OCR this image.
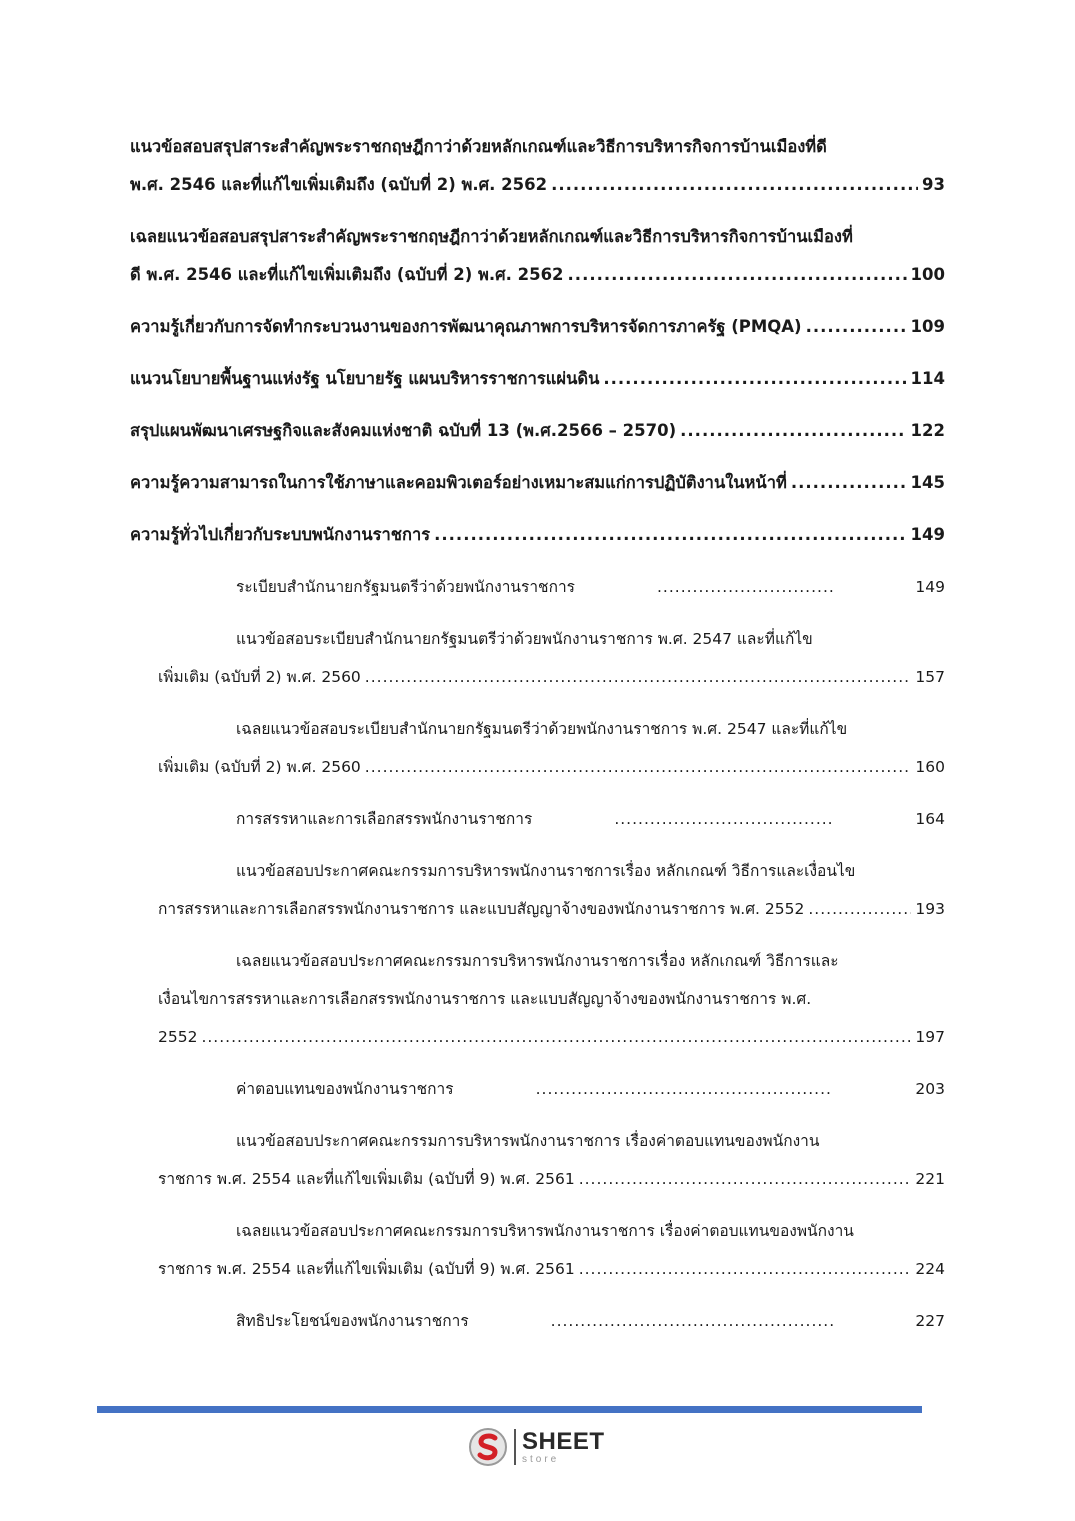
แนวข้อสอบสรุปสาระสำคัญพระราชกฤษฎีกาว่าด้วยหลักเกณฑ์และวิธีการบริหารกิจการบ้านเมืองที่ดี
พ.ศ. 2546 และที่แก้ไขเพิ่มเติมถึง (ฉบับที่ 2) พ.ศ. 2562 .....	93
เฉลยแนวข้อสอบสรุปสาระสำคัญพระราชกฤษฎีกาว่าด้วยหลักเกณฑ์และวิธีการบริหารกิจการบ้านเมืองที่
ดี พ.ศ. 2546 และที่แก้ไขเพิ่มเติมถึง (ฉบับที่ 2) พ.ศ. 2562 .....	100
ความรู้เกี่ยวกับการจัดทำกระบวนงานของการพัฒนาคุณภาพการบริหารจัดการภาครัฐ (PMQA) .....	109
แนวนโยบายพื้นฐานแห่งรัฐ นโยบายรัฐ แผนบริหารราชการแผ่นดิน .....	114
สรุปแผนพัฒนาเศรษฐกิจและสังคมแห่งชาติ ฉบับที่ 13 (พ.ศ.2566 – 2570) .....	122
ความรู้ความสามารถในการใช้ภาษาและคอมพิวเตอร์อย่างเหมาะสมแก่การปฏิบัติงานในหน้าที่ .....	145
ความรู้ทั่วไปเกี่ยวกับระบบพนักงานราชการ .....	149
ระเบียบสำนักนายกรัฐมนตรีว่าด้วยพนักงานราชการ .....	149
แนวข้อสอบระเบียบสำนักนายกรัฐมนตรีว่าด้วยพนักงานราชการ พ.ศ. 2547 และที่แก้ไข
เพิ่มเติม (ฉบับที่ 2) พ.ศ. 2560 .....	157
เฉลยแนวข้อสอบระเบียบสำนักนายกรัฐมนตรีว่าด้วยพนักงานราชการ พ.ศ. 2547 และที่แก้ไข
เพิ่มเติม (ฉบับที่ 2) พ.ศ. 2560 .....	160
การสรรหาและการเลือกสรรพนักงานราชการ .....	164
แนวข้อสอบประกาศคณะกรรมการบริหารพนักงานราชการเรื่อง หลักเกณฑ์ วิธีการและเงื่อนไข
การสรรหาและการเลือกสรรพนักงานราชการ และแบบสัญญาจ้างของพนักงานราชการ พ.ศ. 2552 .....	193
เฉลยแนวข้อสอบประกาศคณะกรรมการบริหารพนักงานราชการเรื่อง หลักเกณฑ์ วิธีการและ
เงื่อนไขการสรรหาและการเลือกสรรพนักงานราชการ และแบบสัญญาจ้างของพนักงานราชการ พ.ศ.
2552 .....	197
ค่าตอบแทนของพนักงานราชการ .....	203
แนวข้อสอบประกาศคณะกรรมการบริหารพนักงานราชการ เรื่องค่าตอบแทนของพนักงาน
ราชการ พ.ศ. 2554 และที่แก้ไขเพิ่มเติม (ฉบับที่ 9) พ.ศ. 2561 .....	221
เฉลยแนวข้อสอบประกาศคณะกรรมการบริหารพนักงานราชการ เรื่องค่าตอบแทนของพนักงาน
ราชการ พ.ศ. 2554 และที่แก้ไขเพิ่มเติม (ฉบับที่ 9) พ.ศ. 2561 .....	224
สิทธิประโยชน์ของพนักงานราชการ .....	227
SHEET
store
